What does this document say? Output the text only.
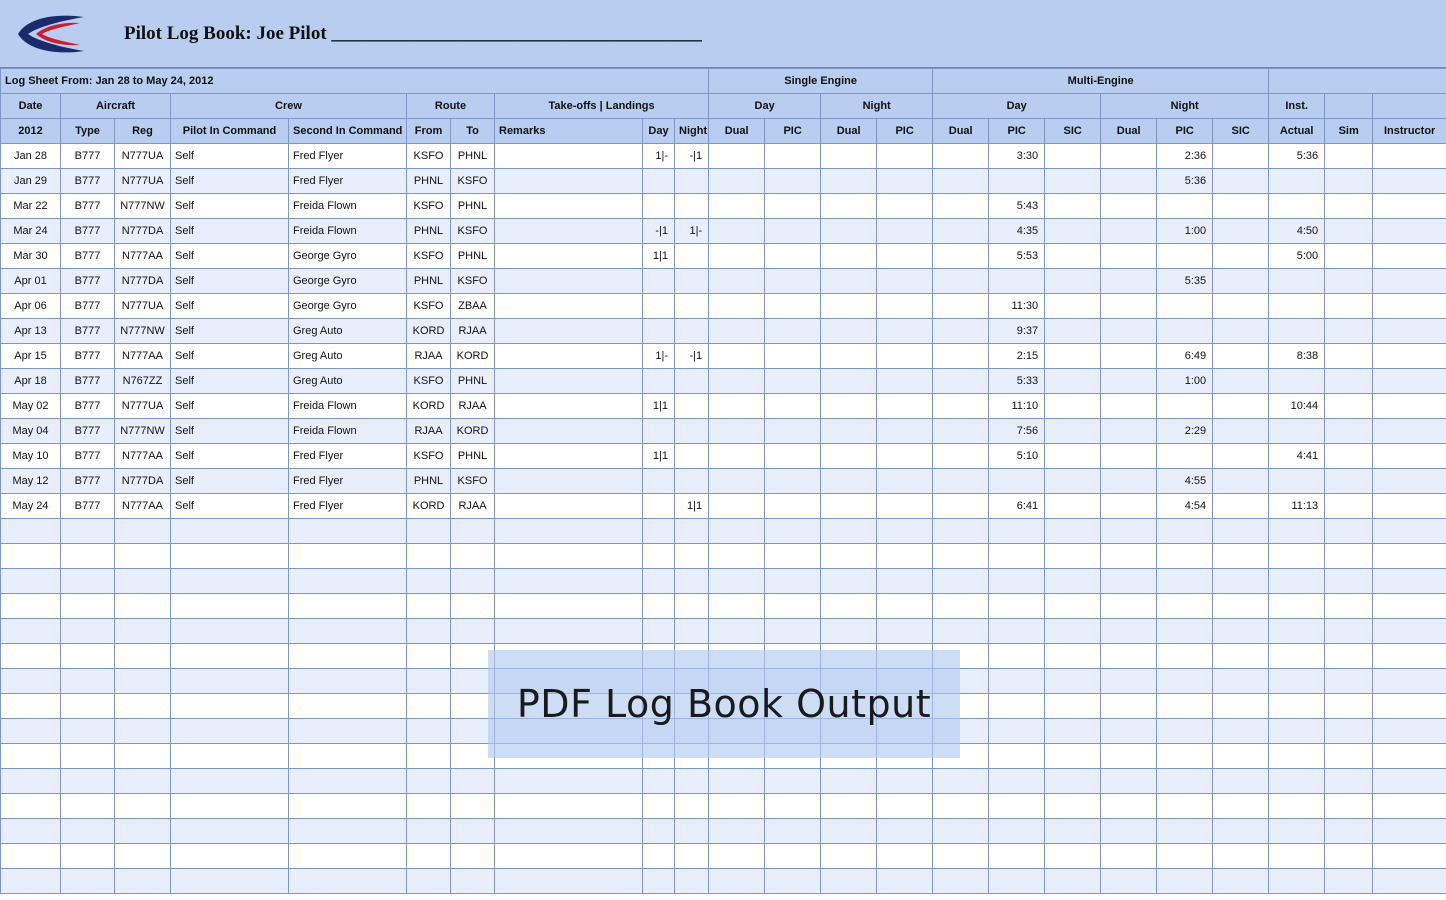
Pilot Log Book: Joe Pilot _______________________________________
Log Sheet From: Jan 28 to May 24, 2012										Single Engine				Multi-Engine								
Date	Aircraft		Crew		Route		Take-offs | Landings			Day		Night		Day			Night			Inst.		
2012	Type	Reg	Pilot In Command	Second In Command	From	To	Remarks	Day	Night	Dual	PIC	Dual	PIC	Dual	PIC	SIC	Dual	PIC	SIC	Actual	Sim	Instructor
Jan 28	B777	N777UA	Self	Fred Flyer	KSFO	PHNL		1|-	-|1						3:30			2:36		5:36		
Jan 29	B777	N777UA	Self	Fred Flyer	PHNL	KSFO												5:36				
Mar 22	B777	N777NW	Self	Freida Flown	KSFO	PHNL									5:43							
Mar 24	B777	N777DA	Self	Freida Flown	PHNL	KSFO		-|1	1|-						4:35			1:00		4:50		
Mar 30	B777	N777AA	Self	George Gyro	KSFO	PHNL		1|1							5:53					5:00		
Apr 01	B777	N777DA	Self	George Gyro	PHNL	KSFO												5:35				
Apr 06	B777	N777UA	Self	George Gyro	KSFO	ZBAA									11:30							
Apr 13	B777	N777NW	Self	Greg Auto	KORD	RJAA									9:37							
Apr 15	B777	N777AA	Self	Greg Auto	RJAA	KORD		1|-	-|1						2:15			6:49		8:38		
Apr 18	B777	N767ZZ	Self	Greg Auto	KSFO	PHNL									5:33			1:00				
May 02	B777	N777UA	Self	Freida Flown	KORD	RJAA		1|1							11:10					10:44		
May 04	B777	N777NW	Self	Freida Flown	RJAA	KORD									7:56			2:29				
May 10	B777	N777AA	Self	Fred Flyer	KSFO	PHNL		1|1							5:10					4:41		
May 12	B777	N777DA	Self	Fred Flyer	PHNL	KSFO												4:55				
May 24	B777	N777AA	Self	Fred Flyer	KORD	RJAA			1|1						6:41			4:54		11:13		

PDF Log Book Output
